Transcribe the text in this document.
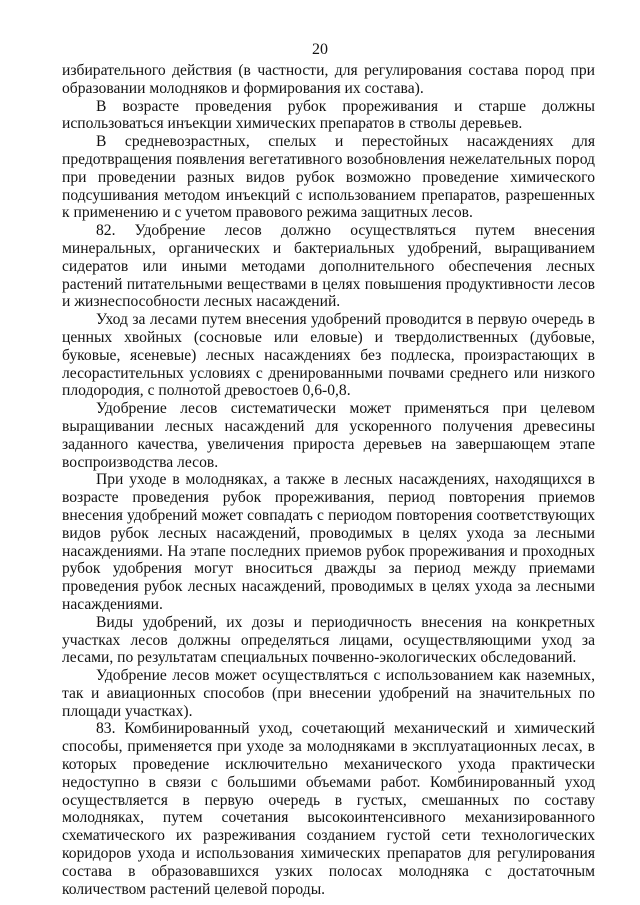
20

избирательного действия (в частности, для регулирования состава пород при образовании молодняков и формирования их состава).

В возрасте проведения рубок прореживания и старше должны использоваться инъекции химических препаратов в стволы деревьев.

В средневозрастных, спелых и перестойных насаждениях для предотвращения появления вегетативного возобновления нежелательных пород при проведении разных видов рубок возможно проведение химического подсушивания методом инъекций с использованием препаратов, разрешенных к применению и с учетом правового режима защитных лесов.

82. Удобрение лесов должно осуществляться путем внесения минеральных, органических и бактериальных удобрений, выращиванием сидератов или иными методами дополнительного обеспечения лесных растений питательными веществами в целях повышения продуктивности лесов и жизнеспособности лесных насаждений.

Уход за лесами путем внесения удобрений проводится в первую очередь в ценных хвойных (сосновые или еловые) и твердолиственных (дубовые, буковые, ясеневые) лесных насаждениях без подлеска, произрастающих в лесорастительных условиях с дренированными почвами среднего или низкого плодородия, с полнотой древостоев 0,6-0,8.

Удобрение лесов систематически может применяться при целевом выращивании лесных насаждений для ускоренного получения древесины заданного качества, увеличения прироста деревьев на завершающем этапе воспроизводства лесов.

При уходе в молодняках, а также в лесных насаждениях, находящихся в возрасте проведения рубок прореживания, период повторения приемов внесения удобрений может совпадать с периодом повторения соответствующих видов рубок лесных насаждений, проводимых в целях ухода за лесными насаждениями. На этапе последних приемов рубок прореживания и проходных рубок удобрения могут вноситься дважды за период между приемами проведения рубок лесных насаждений, проводимых в целях ухода за лесными насаждениями.

Виды удобрений, их дозы и периодичность внесения на конкретных участках лесов должны определяться лицами, осуществляющими уход за лесами, по результатам специальных почвенно-экологических обследований.

Удобрение лесов может осуществляться с использованием как наземных, так и авиационных способов (при внесении удобрений на значительных по площади участках).

83. Комбинированный уход, сочетающий механический и химический способы, применяется при уходе за молодняками в эксплуатационных лесах, в которых проведение исключительно механического ухода практически недоступно в связи с большими объемами работ. Комбинированный уход осуществляется в первую очередь в густых, смешанных по составу молодняках, путем сочетания высокоинтенсивного механизированного схематического их разреживания созданием густой сети технологических коридоров ухода и использования химических препаратов для регулирования состава в образовавшихся узких полосах молодняка с достаточным количеством растений целевой породы.
